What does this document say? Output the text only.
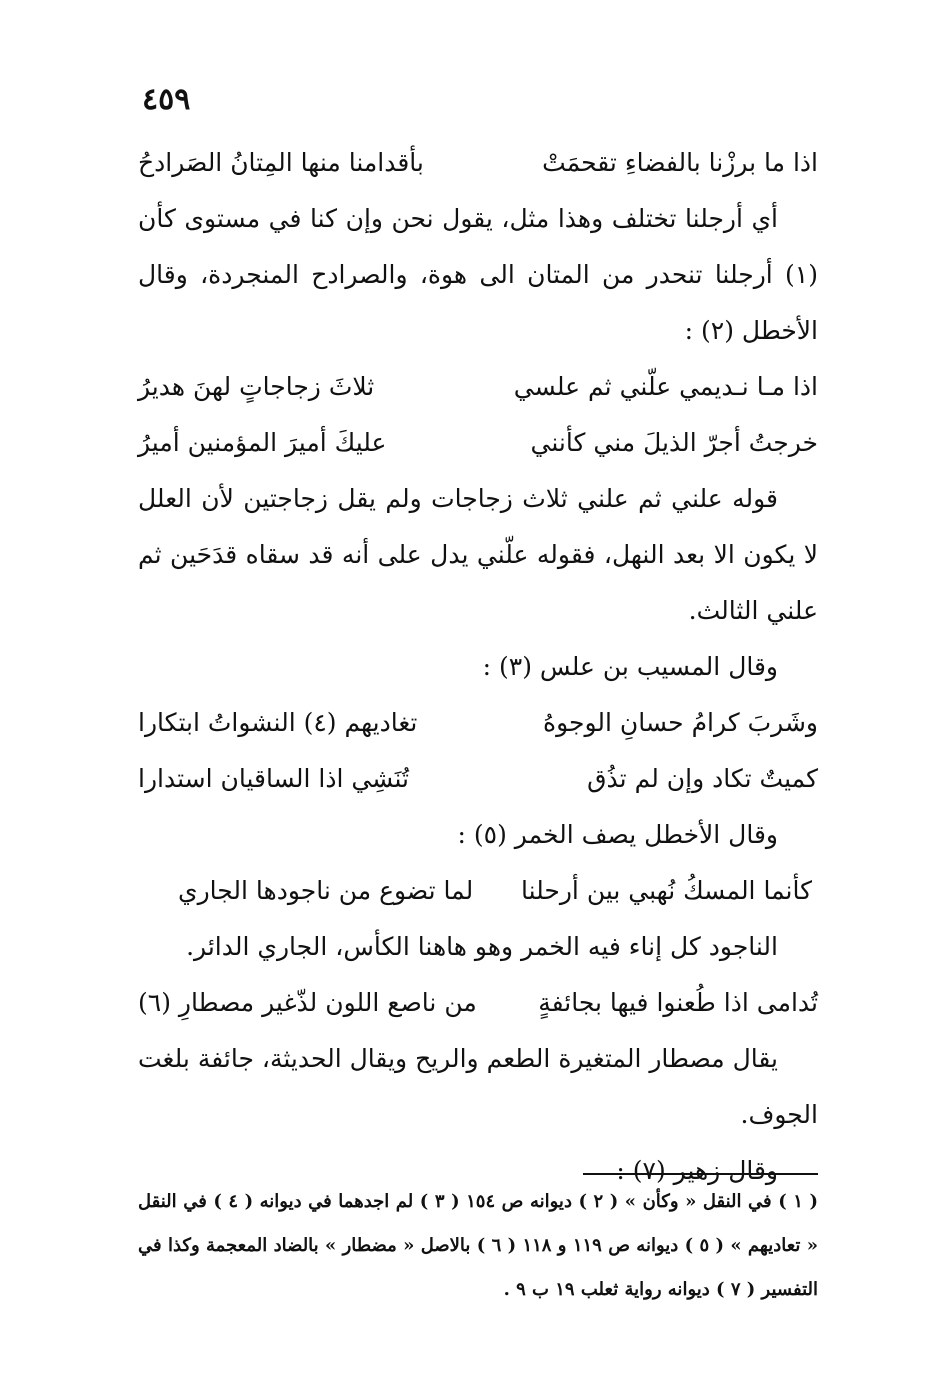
٤٥٩
اذا ما برزْنا بالفضاءِ تقحمَتْ
بأقدامنا منها المِتانُ الصَرادحُ
أي أرجلنا تختلف وهذا مثل، يقول نحن وإن كنا في مستوى كأن (١) أرجلنا تنحدر من المتان الى هوة، والصرادح المنجردة، وقال الأخطل (٢) :
اذا مـا نـديمي علّني ثم علسي
ثلاثَ زجاجاتٍ لهنَ هديرُ
خرجتُ أجرّ الذيلَ مني كأنني
عليكَ أميرَ المؤمنين أميرُ
قوله علني ثم علني ثلاث زجاجات ولم يقل زجاجتين لأن العلل لا يكون الا بعد النهل، فقوله علّني يدل على أنه قد سقاه قدَحَين ثم علني الثالث.
وقال المسيب بن علس (٣) :
وشَربَ كرامُ حسانِ الوجوهُ
تغاديهم (٤) النشواتُ ابتكارا
كميتٌ تكاد وإن لم تذُق
تُنَشِي اذا الساقيان استدارا
وقال الأخطل يصف الخمر (٥) :
كأنما المسكُ نُهبي بين أرحلنا
لما تضوع من ناجودها الجاري
الناجود كل إناء فيه الخمر وهو هاهنا الكأس، الجاري الدائر.
تُدامى اذا طُعنوا فيها بجائفةٍ
من ناصع اللون لذّغير مصطارِ (٦)
يقال مصطار المتغيرة الطعم والريح ويقال الحديثة، جائفة بلغت الجوف.
وقال زهير (٧) :
( ١ ) في النقل « وكأن » ( ٢ ) ديوانه ص ١٥٤ ( ٣ ) لم اجدهما في ديوانه ( ٤ ) في النقل « تعاديهم » ( ٥ ) ديوانه ص ١١٩ و ١١٨ ( ٦ ) بالاصل « مضطار » بالضاد المعجمة وكذا في التفسير ( ٧ ) ديوانه رواية ثعلب ١٩ ب ٩ .
